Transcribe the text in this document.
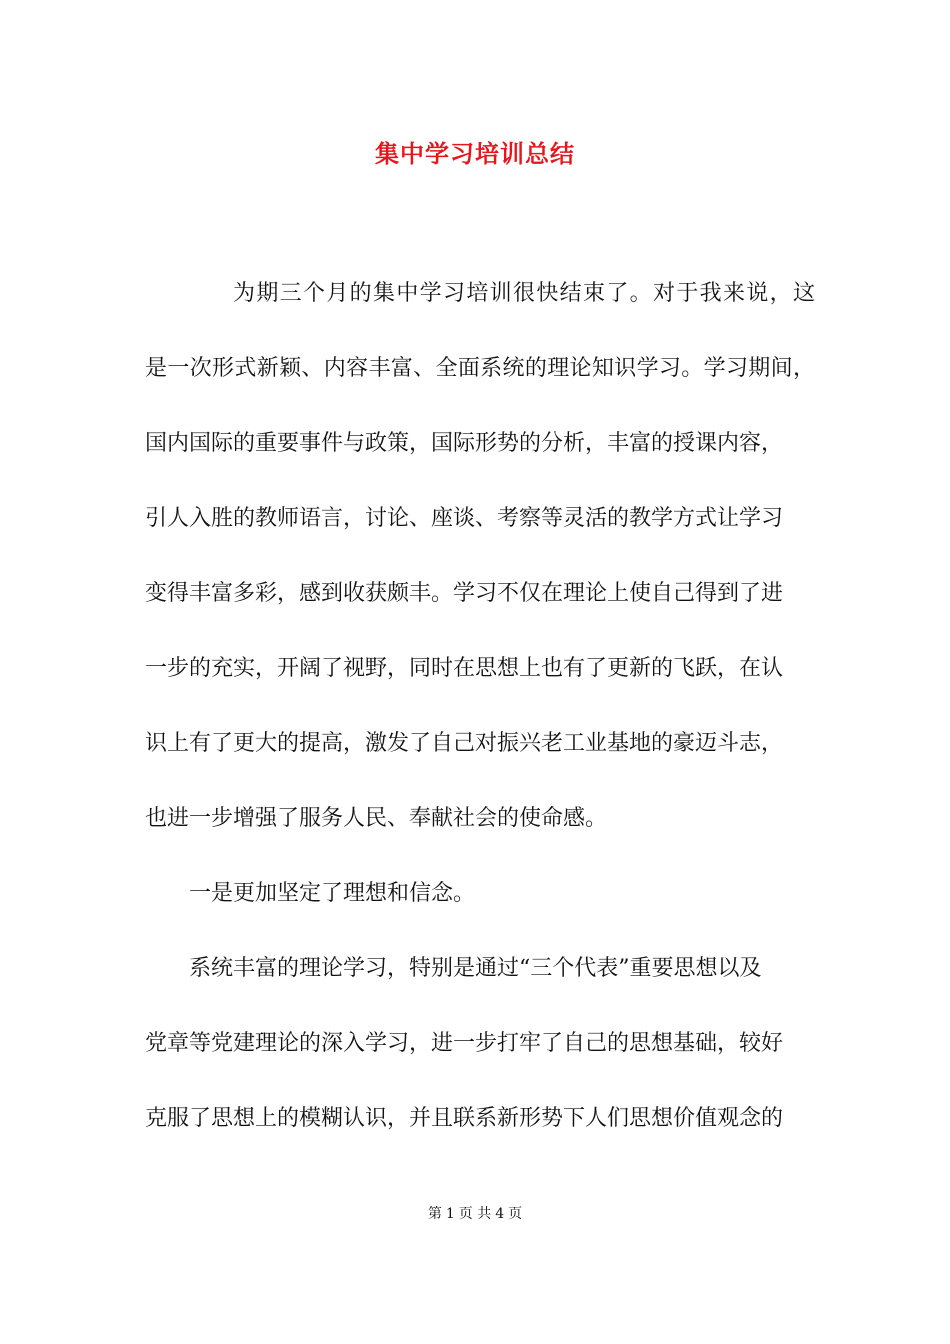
集中学习培训总结
为期三个月的集中学习培训很快结束了。对于我来说，这
是一次形式新颖、内容丰富、全面系统的理论知识学习。学习期间，
国内国际的重要事件与政策，国际形势的分析，丰富的授课内容，
引人入胜的教师语言，讨论、座谈、考察等灵活的教学方式让学习
变得丰富多彩，感到收获颇丰。学习不仅在理论上使自己得到了进
一步的充实，开阔了视野，同时在思想上也有了更新的飞跃，在认
识上有了更大的提高，激发了自己对振兴老工业基地的豪迈斗志，
也进一步增强了服务人民、奉献社会的使命感。
一是更加坚定了理想和信念。
系统丰富的理论学习，特别是通过“三个代表”重要思想以及
党章等党建理论的深入学习，进一步打牢了自己的思想基础，较好
克服了思想上的模糊认识，并且联系新形势下人们思想价值观念的
第 1 页 共 4 页
